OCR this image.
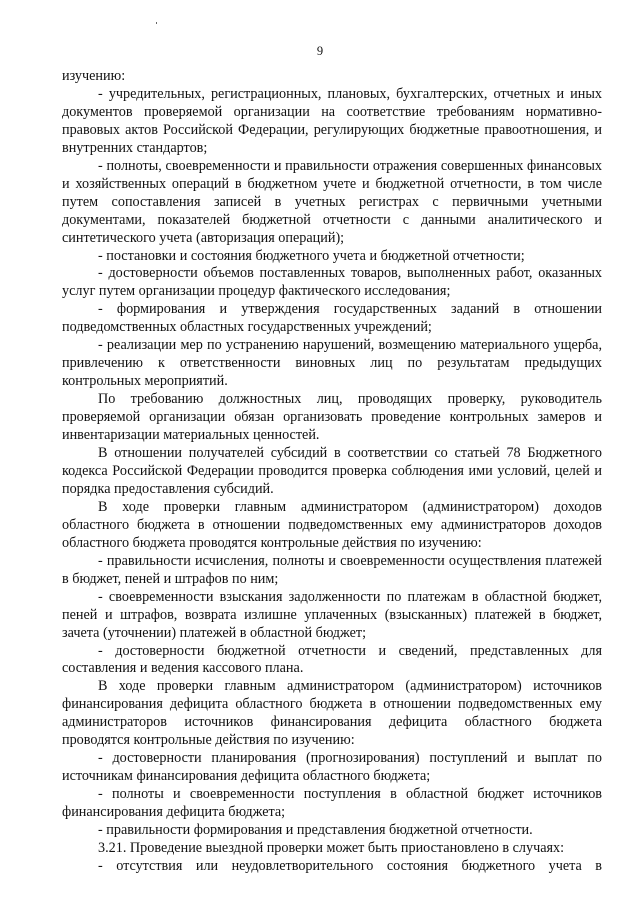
9

изучению:

- учредительных, регистрационных, плановых, бухгалтерских, отчетных и иных документов проверяемой организации на соответствие требованиям нормативно-правовых актов Российской Федерации, регулирующих бюджетные правоотношения, и внутренних стандартов;

- полноты, своевременности и правильности отражения совершенных финансовых и хозяйственных операций в бюджетном учете и бюджетной отчетности, в том числе путем сопоставления записей в учетных регистрах с первичными учетными документами, показателей бюджетной отчетности с данными аналитического и синтетического учета (авторизация операций);

- постановки и состояния бюджетного учета и бюджетной отчетности;

- достоверности объемов поставленных товаров, выполненных работ, оказанных услуг путем организации процедур фактического исследования;

- формирования и утверждения государственных заданий в отношении подведомственных областных государственных учреждений;

- реализации мер по устранению нарушений, возмещению материального ущерба, привлечению к ответственности виновных лиц по результатам предыдущих контрольных мероприятий.

По требованию должностных лиц, проводящих проверку, руководитель проверяемой организации обязан организовать проведение контрольных замеров и инвентаризации материальных ценностей.

В отношении получателей субсидий в соответствии со статьей 78 Бюджетного кодекса Российской Федерации проводится проверка соблюдения ими условий, целей и порядка предоставления субсидий.

В ходе проверки главным администратором (администратором) доходов областного бюджета в отношении подведомственных ему администраторов доходов областного бюджета проводятся контрольные действия по изучению:

- правильности исчисления, полноты и своевременности осуществления платежей в бюджет, пеней и штрафов по ним;

- своевременности взыскания задолженности по платежам в областной бюджет, пеней и штрафов, возврата излишне уплаченных (взысканных) платежей в бюджет, зачета (уточнении) платежей в областной бюджет;

- достоверности бюджетной отчетности и сведений, представленных для составления и ведения кассового плана.

В ходе проверки главным администратором (администратором) источников финансирования дефицита областного бюджета в отношении подведомственных ему администраторов источников финансирования дефицита областного бюджета проводятся контрольные действия по изучению:

- достоверности планирования (прогнозирования) поступлений и выплат по источникам финансирования дефицита областного бюджета;

- полноты и своевременности поступления в областной бюджет источников финансирования дефицита бюджета;

- правильности формирования и представления бюджетной отчетности.

3.21. Проведение выездной проверки может быть приостановлено в случаях:

- отсутствия или неудовлетворительного состояния бюджетного учета в
